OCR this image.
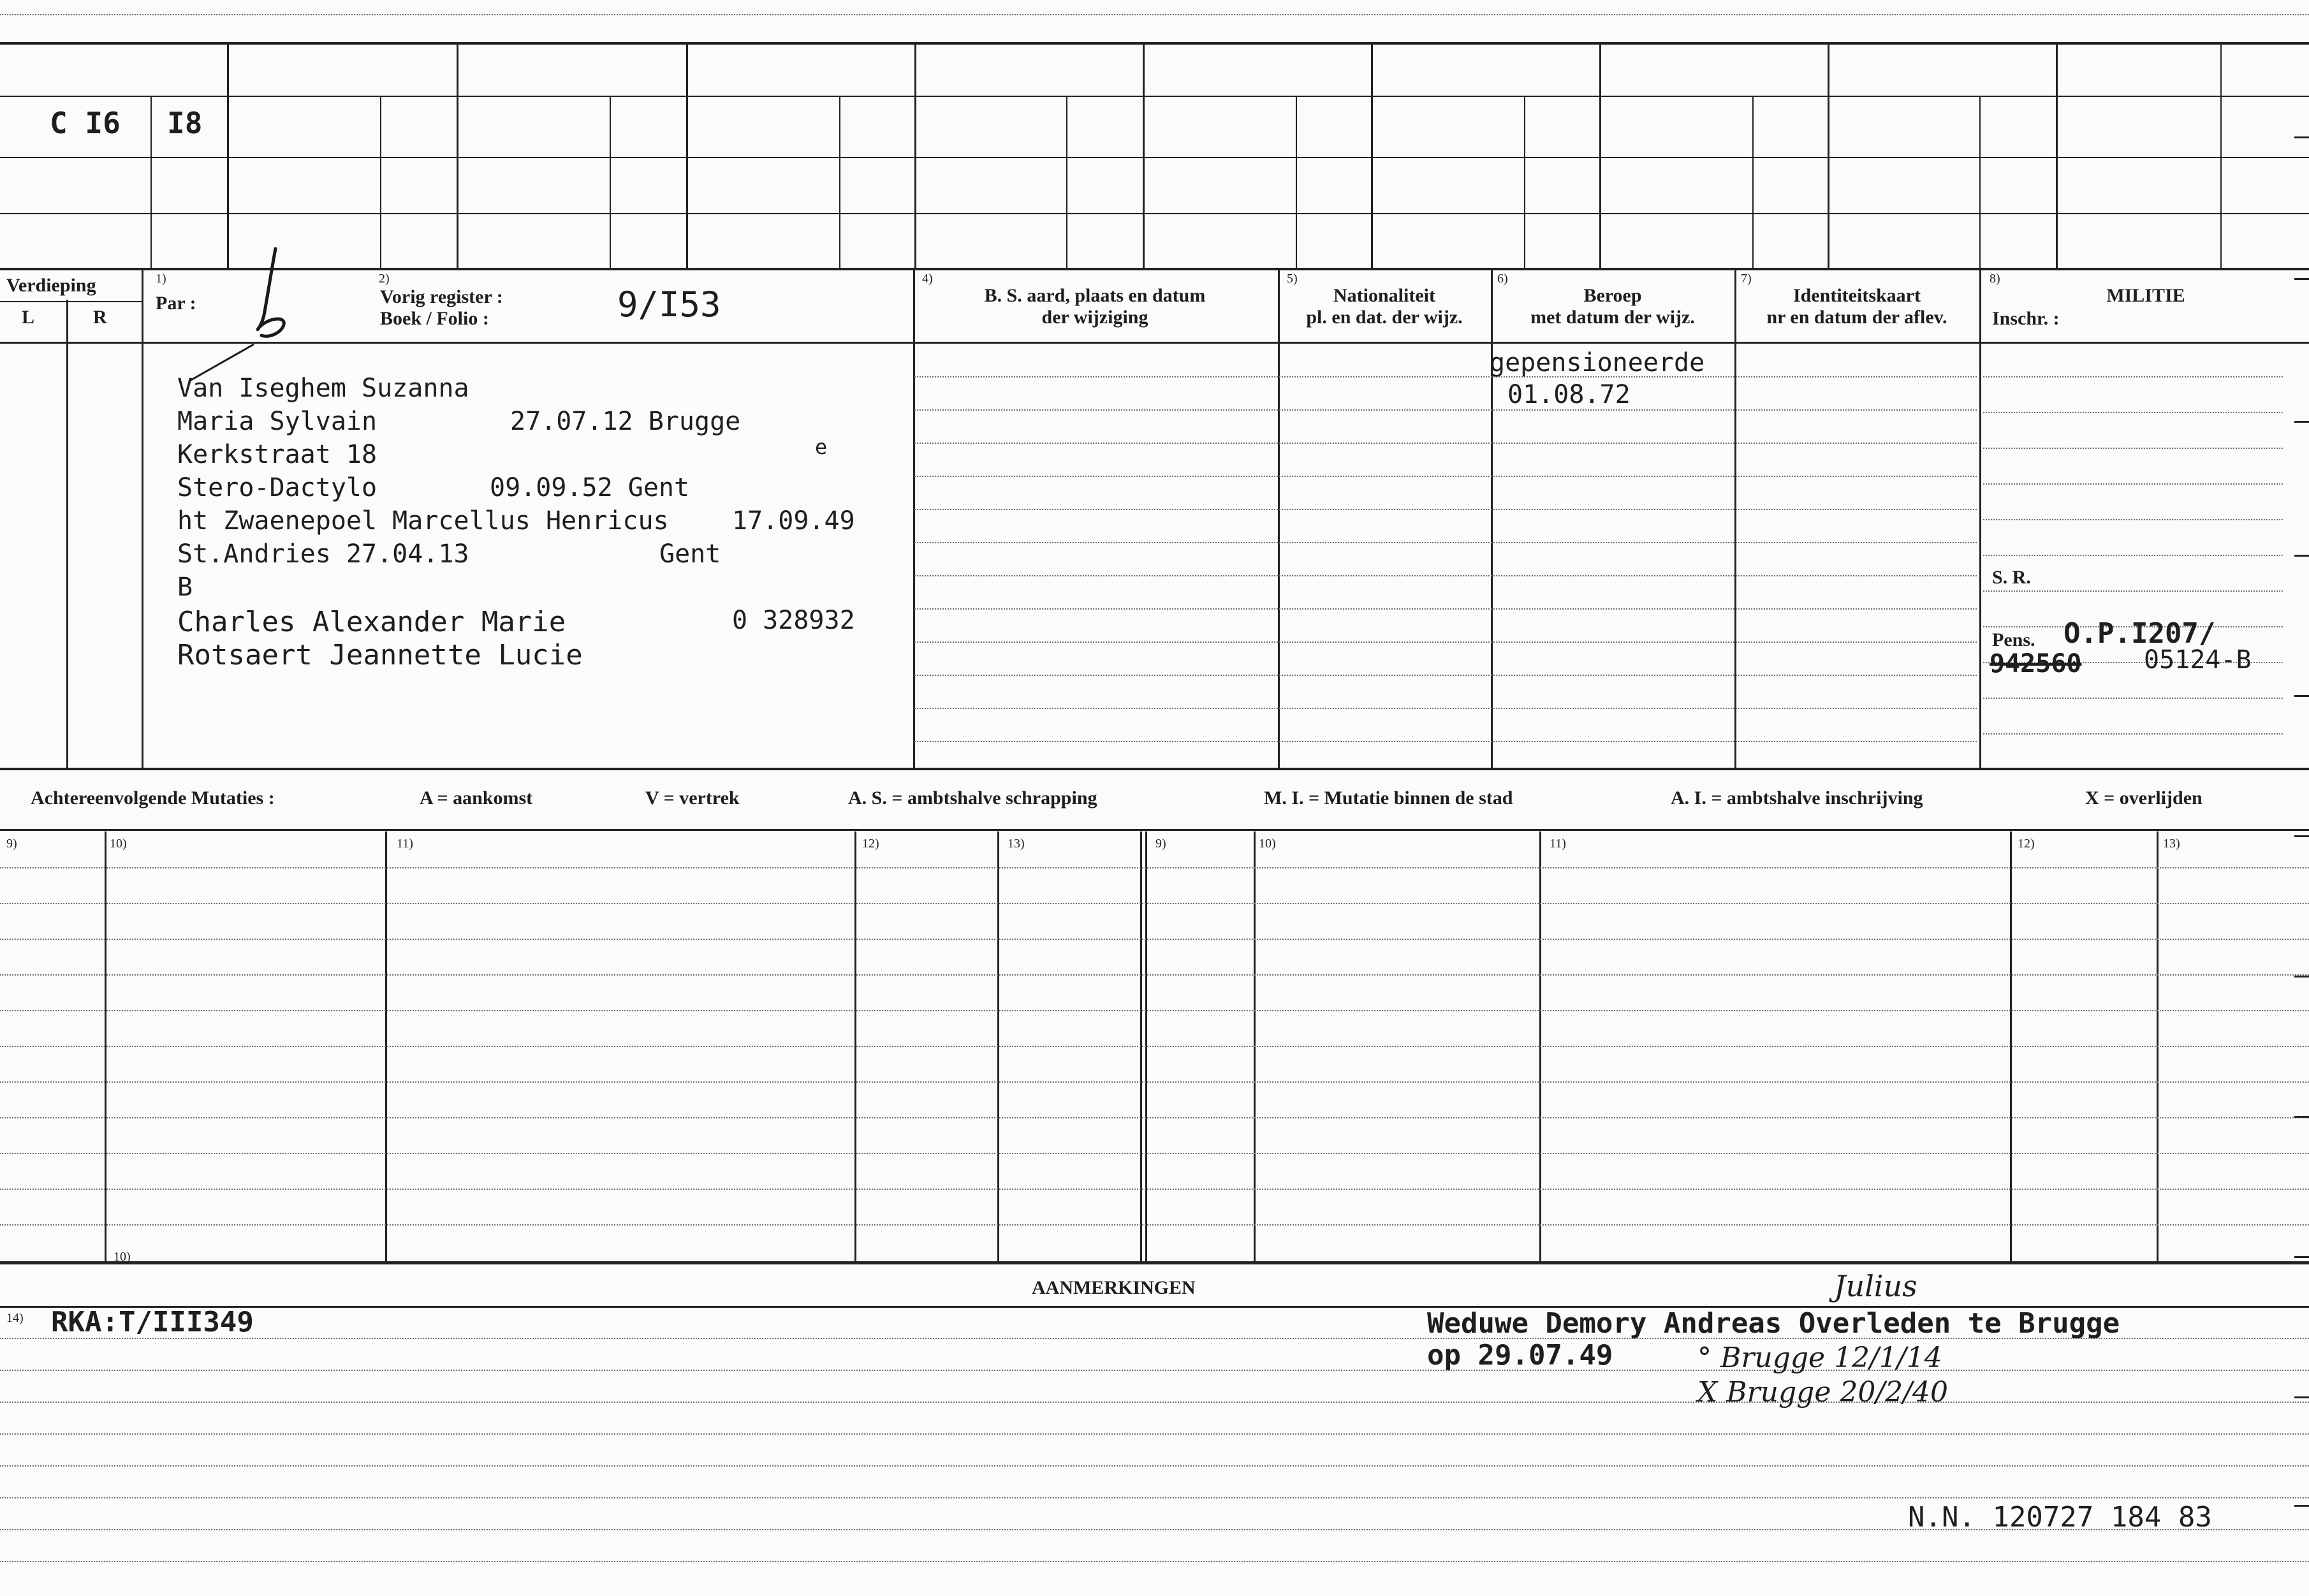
C I6 I8
Verdieping
L	R
1)
Par :
2)
Vorig register :
Boek / Folio :	9/I53
4)
B. S. aard, plaats en datum
der wijziging
5)
Nationaliteit
pl. en dat. der wijz.
6)
Beroep
met datum der wijz.
7)
Identiteitskaart
nr en datum der aflev.
8)
MILITIE
Inschr. :
Van Iseghem Suzanna
Maria Sylvain	27.07.12 Brugge
Kerkstraat 18	e
Stero-Dactylo	09.09.52 Gent
ht Zwaenepoel Marcellus Henricus 17.09.49
St.Andries 27.04.13	Gent
B
Charles Alexander Marie	0 328932
Rotsaert Jeannette Lucie
gepensioneerde
01.08.72
S. R.
Pens. O.P.I207/
942560 05124-B
Achtereenvolgende Mutaties :	A = aankomst	V = vertrek	A. S. = ambtshalve schrapping	M. I. = Mutatie binnen de stad	A. I. = ambtshalve inschrijving	X = overlijden
9)	10)	11)	12)	13)	9)	10)	11)	12)	13)
10)
AANMERKINGEN
14) RKA:T/III349
Julius
Weduwe Demory Andreas Overleden te Brugge
op 29.07.49	° Brugge 12/1/14
X Brugge 20/2/40
N.N. 120727 184 83
